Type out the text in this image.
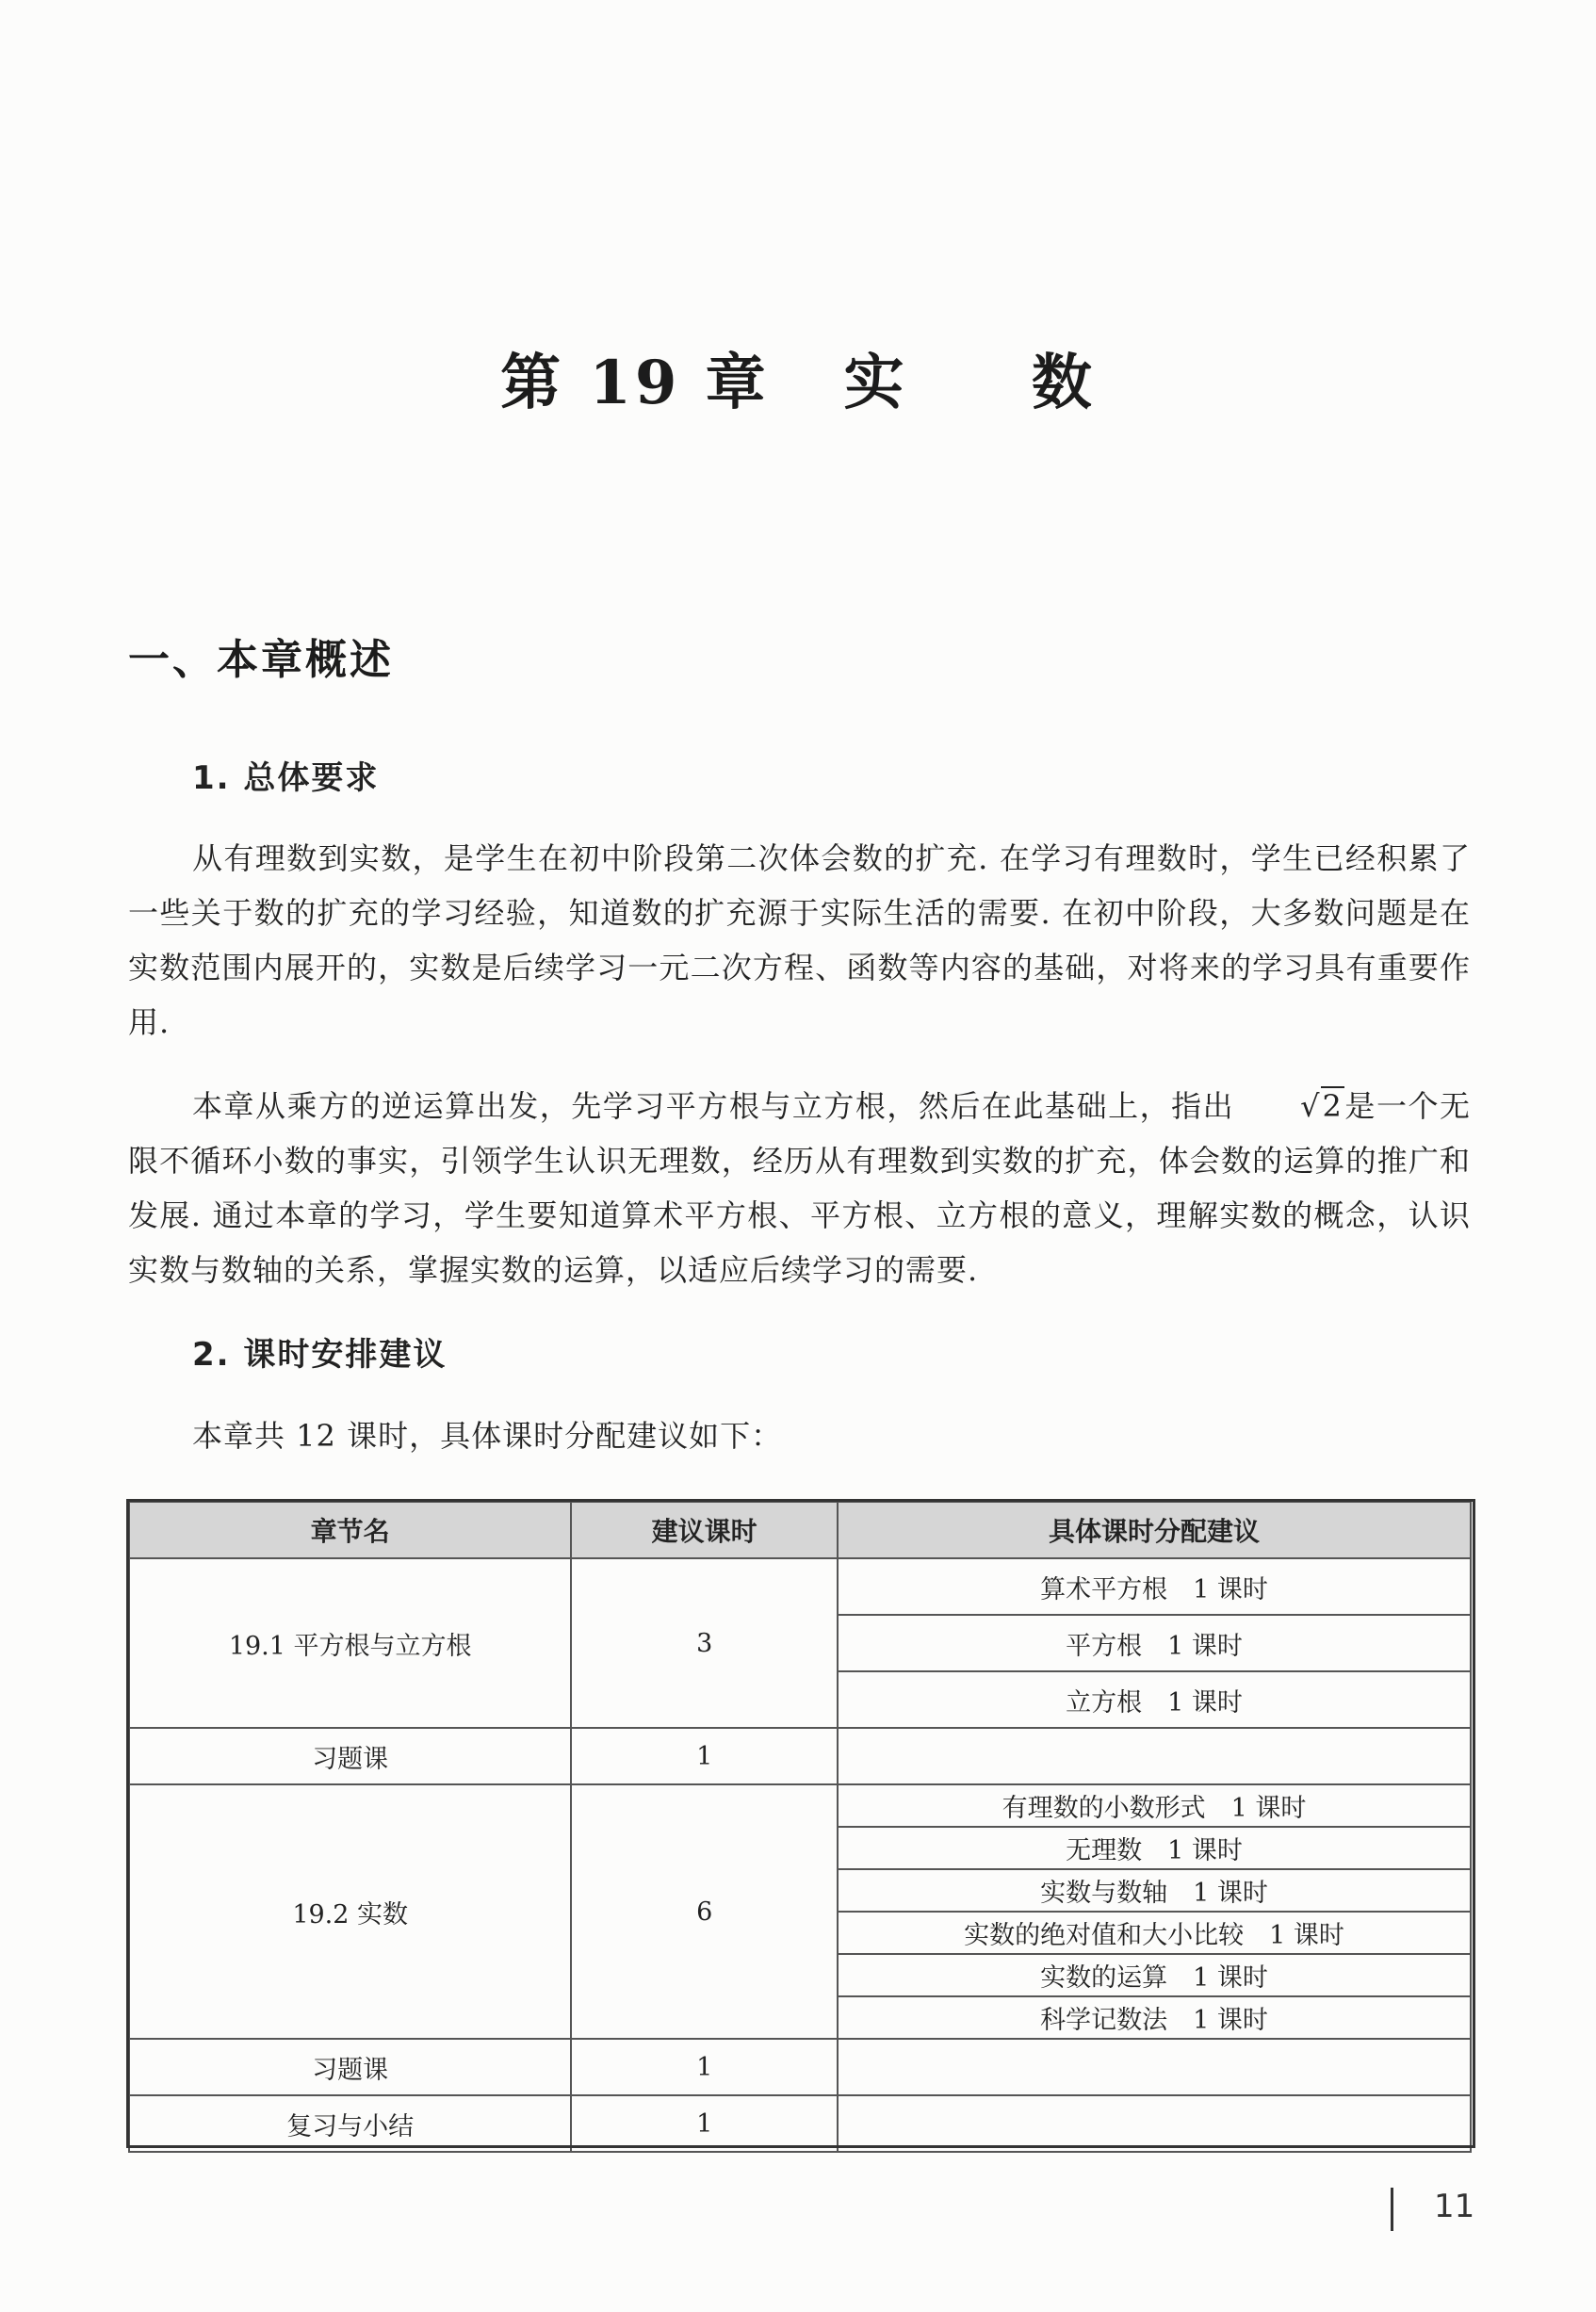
第 19 章   实     数
一、本章概述
1. 总体要求
从有理数到实数，是学生在初中阶段第二次体会数的扩充. 在学习有理数时，学生已经积累了一些关于数的扩充的学习经验，知道数的扩充源于实际生活的需要. 在初中阶段，大多数问题是在实数范围内展开的，实数是后续学习一元二次方程、函数等内容的基础，对将来的学习具有重要作用.
本章从乘方的逆运算出发，先学习平方根与立方根，然后在此基础上，指出 √2是一个无限不循环小数的事实，引领学生认识无理数，经历从有理数到实数的扩充，体会数的运算的推广和发展. 通过本章的学习，学生要知道算术平方根、平方根、立方根的意义，理解实数的概念，认识实数与数轴的关系，掌握实数的运算，以适应后续学习的需要.
2. 课时安排建议
本章共 12 课时，具体课时分配建议如下：
章节名	建议课时	具体课时分配建议
19.1 平方根与立方根	3	算术平方根　1 课时
		平方根　1 课时
		立方根　1 课时
习题课	1	
19.2 实数	6	有理数的小数形式　1 课时
		无理数　1 课时
		实数与数轴　1 课时
		实数的绝对值和大小比较　1 课时
		实数的运算　1 课时
		科学记数法　1 课时
习题课	1	
复习与小结	1	
11
